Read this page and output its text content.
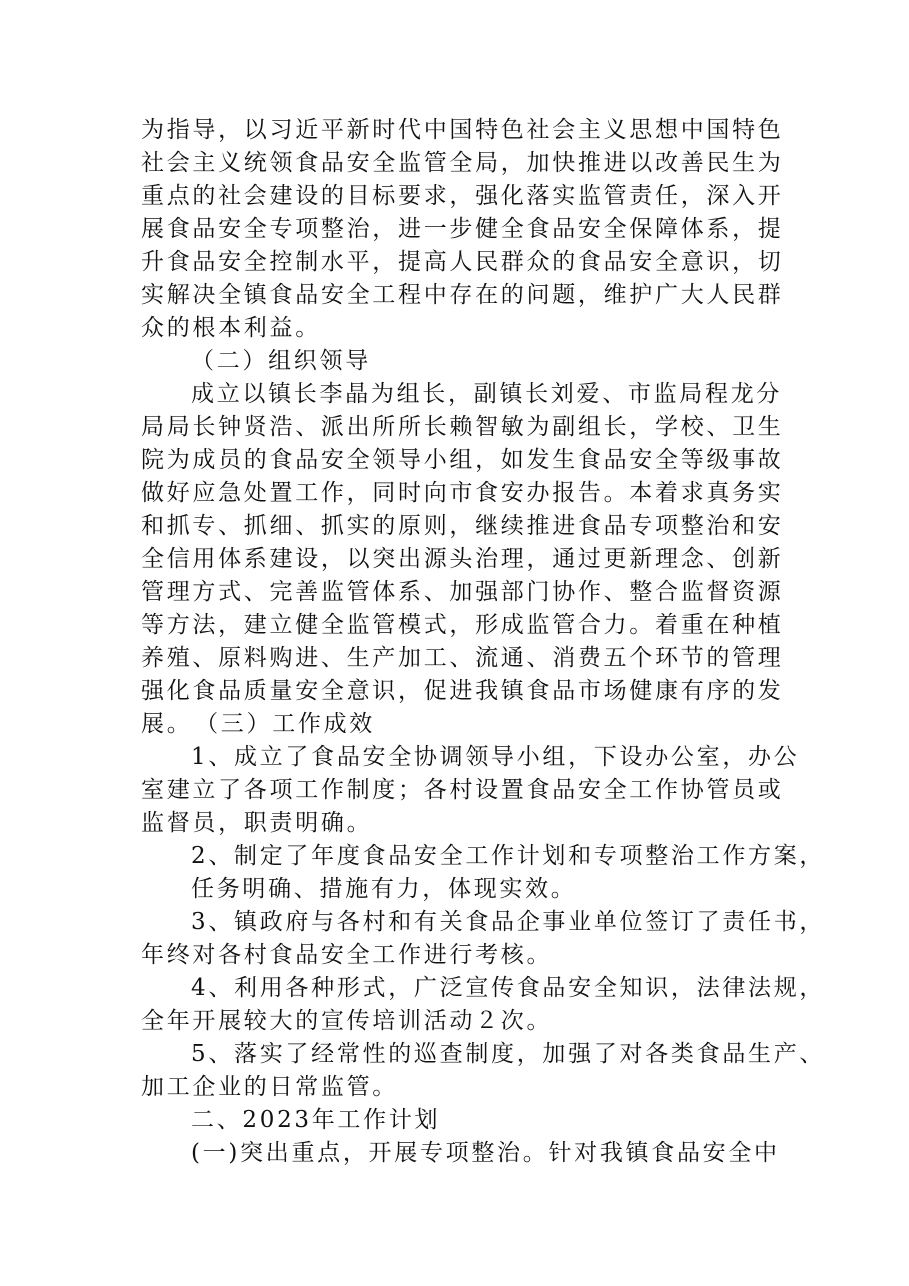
为指导，以习近平新时代中国特色社会主义思想中国特色
社会主义统领食品安全监管全局，加快推进以改善民生为
重点的社会建设的目标要求，强化落实监管责任，深入开
展食品安全专项整治，进一步健全食品安全保障体系，提
升食品安全控制水平，提高人民群众的食品安全意识，切
实解决全镇食品安全工程中存在的问题，维护广大人民群
众的根本利益。
（二）组织领导
成立以镇长李晶为组长，副镇长刘爱、市监局程龙分
局局长钟贤浩、派出所所长赖智敏为副组长，学校、卫生
院为成员的食品安全领导小组，如发生食品安全等级事故
做好应急处置工作，同时向市食安办报告。本着求真务实
和抓专、抓细、抓实的原则，继续推进食品专项整治和安
全信用体系建设，以突出源头治理，通过更新理念、创新
管理方式、完善监管体系、加强部门协作、整合监督资源
等方法，建立健全监管模式，形成监管合力。着重在种植
养殖、原料购进、生产加工、流通、消费五个环节的管理
强化食品质量安全意识，促进我镇食品市场健康有序的发
展。　（三）工作成效
1、成立了食品安全协调领导小组，下设办公室，办公
室建立了各项工作制度；各村设置食品安全工作协管员或
监督员，职责明确。
2、制定了年度食品安全工作计划和专项整治工作方案，
任务明确、措施有力，体现实效。
3、镇政府与各村和有关食品企事业单位签订了责任书，
年终对各村食品安全工作进行考核。
4、利用各种形式，广泛宣传食品安全知识，法律法规，
全年开展较大的宣传培训活动２次。
5、落实了经常性的巡查制度，加强了对各类食品生产、
加工企业的日常监管。
二、2023年工作计划
(一)突出重点，开展专项整治。针对我镇食品安全中
